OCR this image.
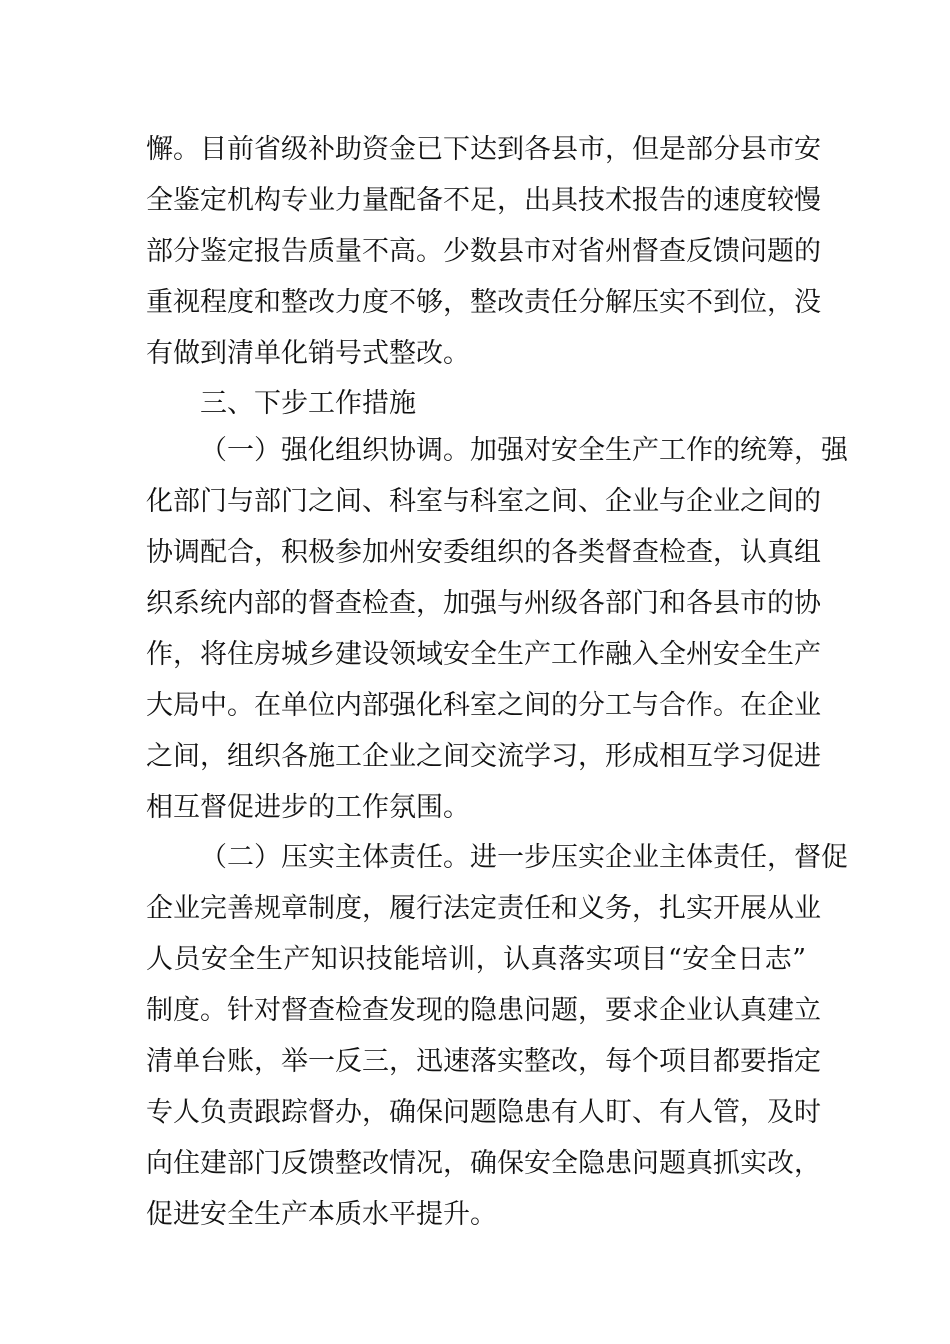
懈。目前省级补助资金已下达到各县市，但是部分县市安
全鉴定机构专业力量配备不足，出具技术报告的速度较慢
部分鉴定报告质量不高。少数县市对省州督查反馈问题的
重视程度和整改力度不够，整改责任分解压实不到位，没
有做到清单化销号式整改。
三、下步工作措施
（一）强化组织协调。加强对安全生产工作的统筹，强
化部门与部门之间、科室与科室之间、企业与企业之间的
协调配合，积极参加州安委组织的各类督查检查，认真组
织系统内部的督查检查，加强与州级各部门和各县市的协
作，将住房城乡建设领域安全生产工作融入全州安全生产
大局中。在单位内部强化科室之间的分工与合作。在企业
之间，组织各施工企业之间交流学习，形成相互学习促进
相互督促进步的工作氛围。
（二）压实主体责任。进一步压实企业主体责任，督促
企业完善规章制度，履行法定责任和义务，扎实开展从业
人员安全生产知识技能培训，认真落实项目“安全日志”
制度。针对督查检查发现的隐患问题，要求企业认真建立
清单台账，举一反三，迅速落实整改，每个项目都要指定
专人负责跟踪督办，确保问题隐患有人盯、有人管，及时
向住建部门反馈整改情况，确保安全隐患问题真抓实改，
促进安全生产本质水平提升。
